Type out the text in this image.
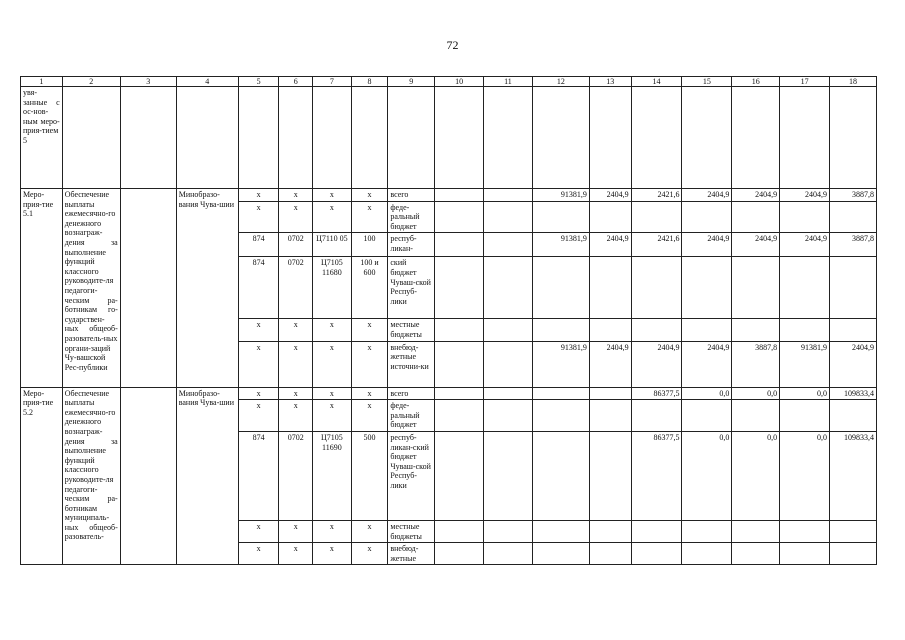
72
1	2	3	4	5	6	7	8	9	10	11	12	13	14	15	16	17	18
увя-занные с ос-нов-ным меро-прия-тием 5																	
Меро-прия-тие 5.1	Обеспечение выплаты ежемесячно-го денежного вознаграж-дения за выполнение функций классного руководите-ля педагоги-ческим ра-ботникам го-сударствен-ных общеоб-разователь-ных органи-заций Чу-вашской Рес-публики		Минобразо-вания Чува-шии	x	x	x	x	всего			91381,9	2404,9	2421,6	2404,9	2404,9	2404,9	3887,8
				x	x	x	x	феде-ральный бюджет									
				874	0702	Ц7110 05	100	респуб-ликан-			91381,9	2404,9	2421,6	2404,9	2404,9	2404,9	3887,8
				874	0702	Ц7105 11680	100 и 600	ский бюджет Чуваш-ской Респуб-лики									
				x	x	x	x	местные бюджеты									
				x	x	x	x	внебюд-жетные источни-ки			91381,9	2404,9	2404,9	2404,9	3887,8	91381,9	2404,9
Меро-прия-тие 5.2	Обеспечение выплаты ежемесячно-го денежного вознаграж-дения за выполнение функций классного руководите-ля педагоги-ческим ра-ботникам муниципаль-ных общеоб-разователь-		Минобразо-вания Чува-шии	x	x	x	x	всего					86377,5	0,0	0,0	0,0	109833,4
				x	x	x	x	феде-ральный бюджет									
				874	0702	Ц7105 11690	500	респуб-ликан-ский бюджет Чуваш-ской Респуб-лики					86377,5	0,0	0,0	0,0	109833,4
				x	x	x	x	местные бюджеты									
				x	x	x	x	внебюд-жетные									
